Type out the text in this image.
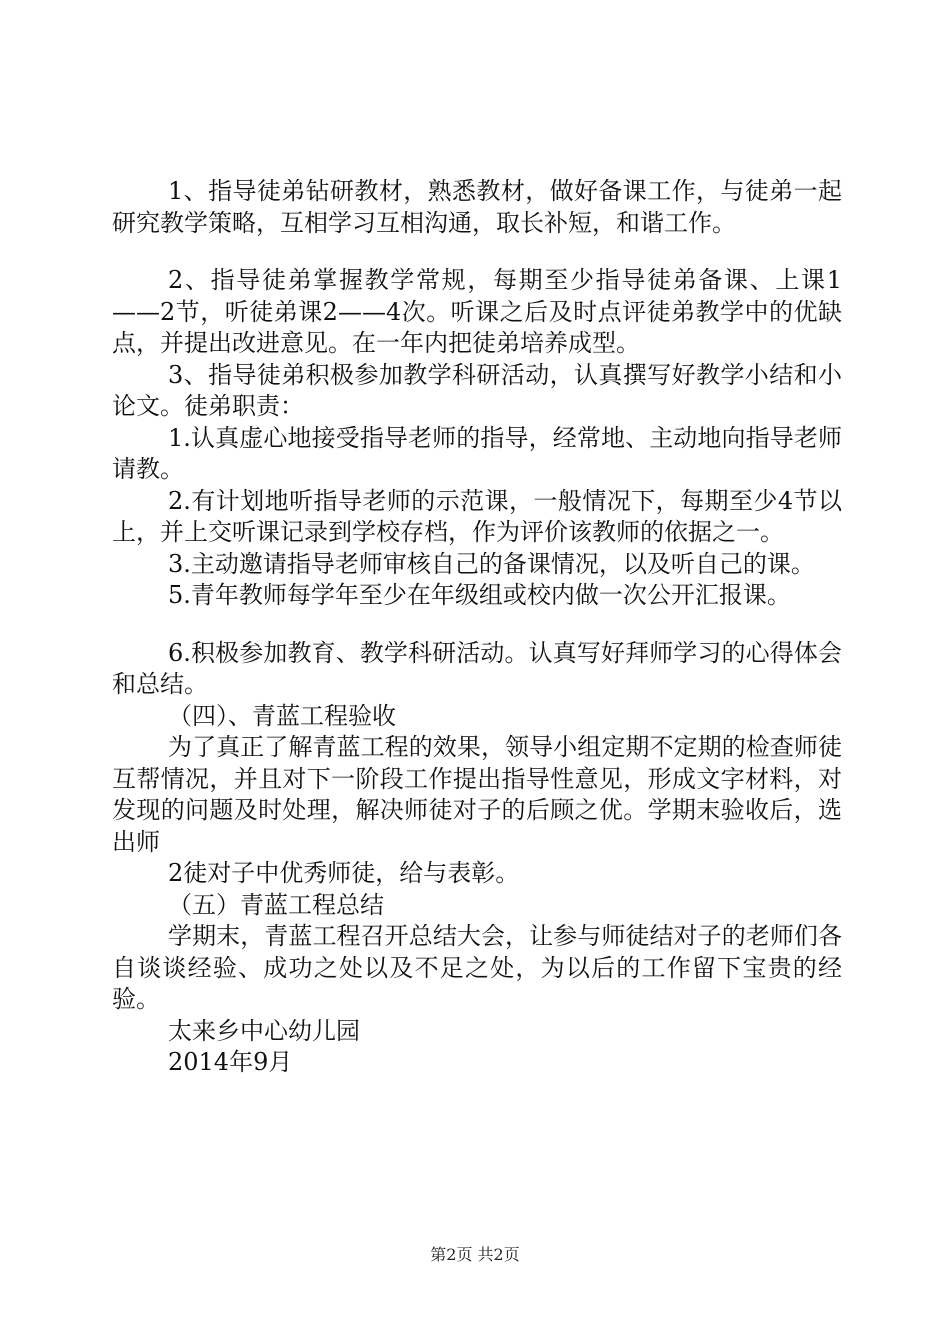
1、指导徒弟钻研教材，熟悉教材，做好备课工作，与徒弟一起研究教学策略，互相学习互相沟通，取长补短，和谐工作。

2、指导徒弟掌握教学常规，每期至少指导徒弟备课、上课1——2节，听徒弟课2——4次。听课之后及时点评徒弟教学中的优缺点，并提出改进意见。在一年内把徒弟培养成型。

3、指导徒弟积极参加教学科研活动，认真撰写好教学小结和小论文。徒弟职责：

1.认真虚心地接受指导老师的指导，经常地、主动地向指导老师请教。

2.有计划地听指导老师的示范课，一般情况下，每期至少4节以上，并上交听课记录到学校存档，作为评价该教师的依据之一。

3.主动邀请指导老师审核自己的备课情况，以及听自己的课。

5.青年教师每学年至少在年级组或校内做一次公开汇报课。

6.积极参加教育、教学科研活动。认真写好拜师学习的心得体会和总结。

（四）、青蓝工程验收

为了真正了解青蓝工程的效果，领导小组定期不定期的检查师徒互帮情况，并且对下一阶段工作提出指导性意见，形成文字材料，对发现的问题及时处理，解决师徒对子的后顾之优。学期末验收后，选出师

2徒对子中优秀师徒，给与表彰。

（五）青蓝工程总结

学期末，青蓝工程召开总结大会，让参与师徒结对子的老师们各自谈谈经验、成功之处以及不足之处，为以后的工作留下宝贵的经验。

太来乡中心幼儿园

2014年9月

第2页 共2页
